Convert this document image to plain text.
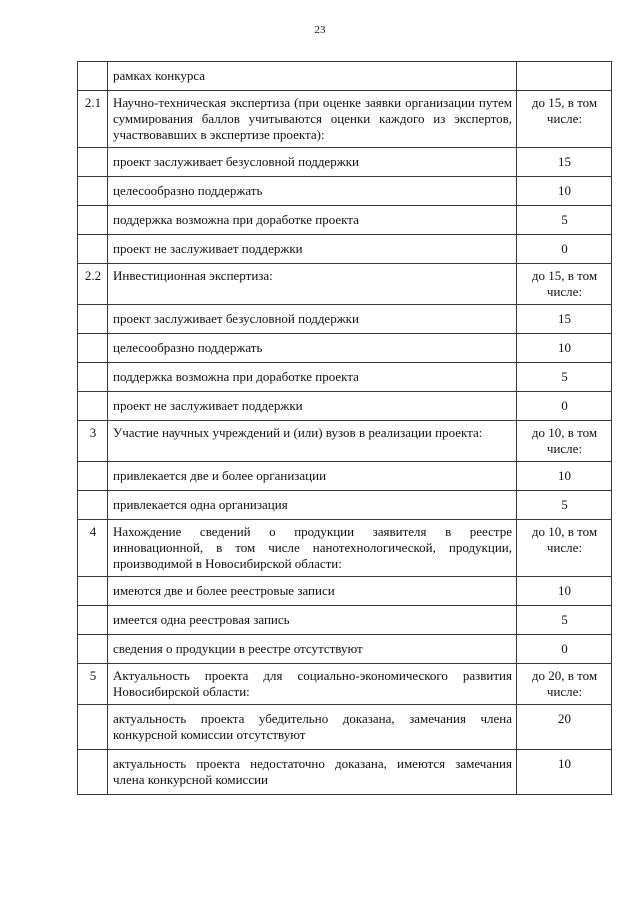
23
	рамках конкурса	
2.1	Научно-техническая экспертиза (при оценке заявки организации путем суммирования баллов учитываются оценки каждого из экспертов, участвовавших в экспертизе проекта):	до 15, в том числе:
	проект заслуживает безусловной поддержки	15
	целесообразно поддержать	10
	поддержка возможна при доработке проекта	5
	проект не заслуживает поддержки	0
2.2	Инвестиционная экспертиза:	до 15, в том числе:
	проект заслуживает безусловной поддержки	15
	целесообразно поддержать	10
	поддержка возможна при доработке проекта	5
	проект не заслуживает поддержки	0
3	Участие научных учреждений и (или) вузов в реализации проекта:	до 10, в том числе:
	привлекается две и более организации	10
	привлекается одна организация	5
4	Нахождение сведений о продукции заявителя в реестре инновационной, в том числе нанотехнологической, продукции, производимой в Новосибирской области:	до 10, в том числе:
	имеются две и более реестровые записи	10
	имеется одна реестровая запись	5
	сведения о продукции в реестре отсутствуют	0
5	Актуальность проекта для социально-экономического развития Новосибирской области:	до 20, в том числе:
	актуальность проекта убедительно доказана, замечания члена конкурсной комиссии отсутствуют	20
	актуальность проекта недостаточно доказана, имеются замечания члена конкурсной комиссии	10
